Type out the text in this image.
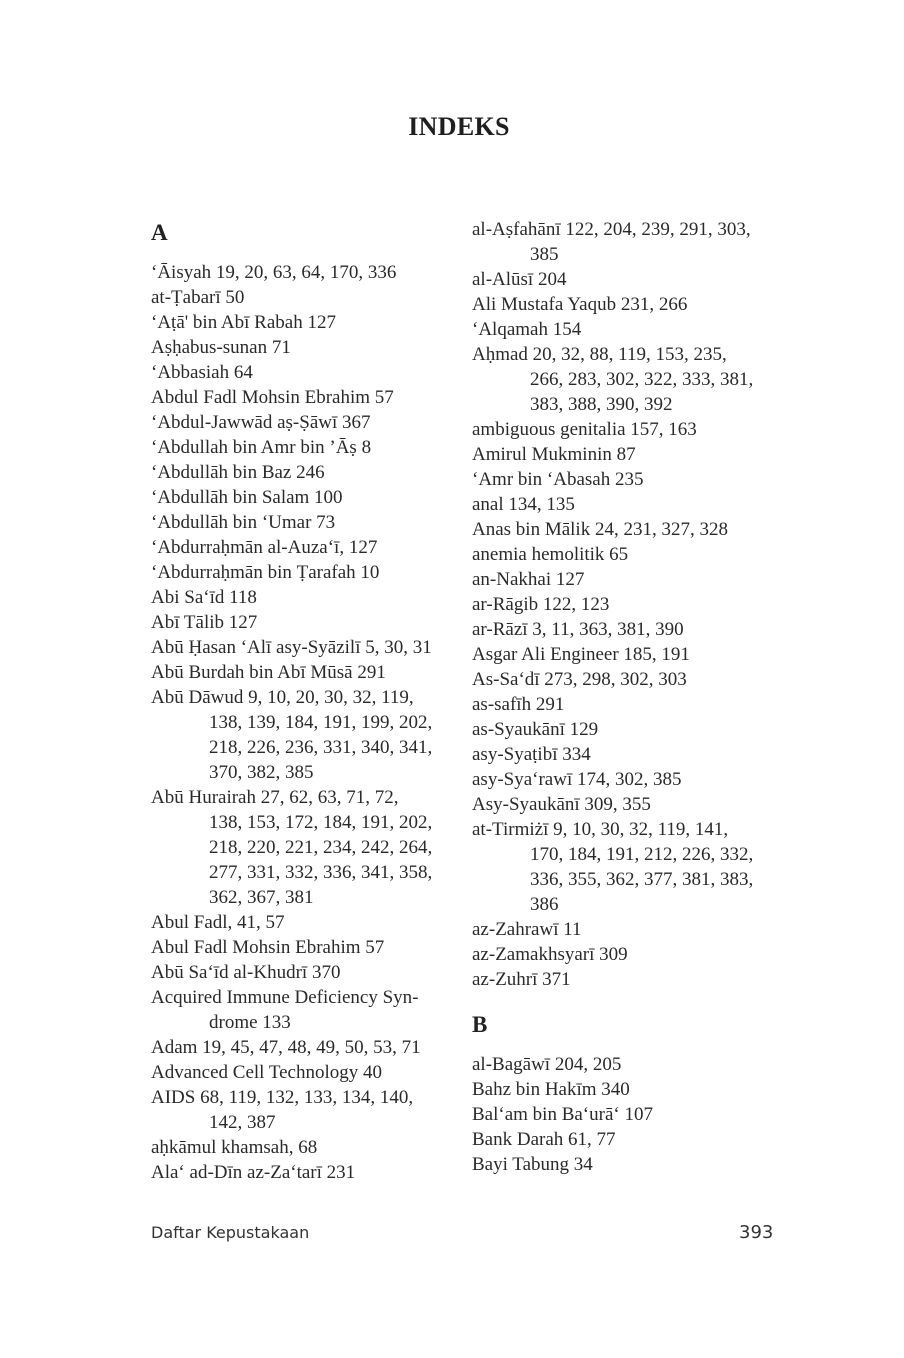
INDEKS
A
‘Āisyah 19, 20, 63, 64, 170, 336
at-Ṭabarī 50
‘Aṭā' bin Abī Rabah 127
Aṣḥabus-sunan 71
‘Abbasiah 64
Abdul Fadl Mohsin Ebrahim 57
‘Abdul-Jawwād aṣ-Ṣāwī 367
‘Abdullah bin Amr bin ’Āṣ 8
‘Abdullāh bin Baz 246
‘Abdullāh bin Salam 100
‘Abdullāh bin ‘Umar 73
‘Abdurraḥmān al-Auza‘ī, 127
‘Abdurraḥmān bin Ṭarafah 10
Abi Sa‘īd 118
Abī Tālib 127
Abū Ḥasan ‘Alī asy-Syāzilī 5, 30, 31
Abū Burdah bin Abī Mūsā 291
Abū Dāwud 9, 10, 20, 30, 32, 119,
138, 139, 184, 191, 199, 202,
218, 226, 236, 331, 340, 341,
370, 382, 385
Abū Hurairah 27, 62, 63, 71, 72,
138, 153, 172, 184, 191, 202,
218, 220, 221, 234, 242, 264,
277, 331, 332, 336, 341, 358,
362, 367, 381
Abul Fadl, 41, 57
Abul Fadl Mohsin Ebrahim 57
Abū Sa‘īd al-Khudrī 370
Acquired Immune Deficiency Syn-
drome 133
Adam 19, 45, 47, 48, 49, 50, 53, 71
Advanced Cell Technology 40
AIDS 68, 119, 132, 133, 134, 140,
142, 387
aḥkāmul khamsah, 68
Ala‘ ad-Dīn az-Za‘tarī 231
al-Aṣfahānī 122, 204, 239, 291, 303,
385
al-Alūsī 204
Ali Mustafa Yaqub 231, 266
‘Alqamah 154
Aḥmad 20, 32, 88, 119, 153, 235,
266, 283, 302, 322, 333, 381,
383, 388, 390, 392
ambiguous genitalia 157, 163
Amirul Mukminin 87
‘Amr bin ‘Abasah 235
anal 134, 135
Anas bin Mālik 24, 231, 327, 328
anemia hemolitik 65
an-Nakhai 127
ar-Rāgib 122, 123
ar-Rāzī 3, 11, 363, 381, 390
Asgar Ali Engineer 185, 191
As-Sa‘dī 273, 298, 302, 303
as-safīh 291
as-Syaukānī 129
asy-Syaṭibī 334
asy-Sya‘rawī 174, 302, 385
Asy-Syaukānī 309, 355
at-Tirmiżī 9, 10, 30, 32, 119, 141,
170, 184, 191, 212, 226, 332,
336, 355, 362, 377, 381, 383,
386
az-Zahrawī 11
az-Zamakhsyarī 309
az-Zuhrī 371
B
al-Bagāwī 204, 205
Bahz bin Hakīm 340
Bal‘am bin Ba‘urā‘ 107
Bank Darah 61, 77
Bayi Tabung 34
Daftar Kepustakaan	393
